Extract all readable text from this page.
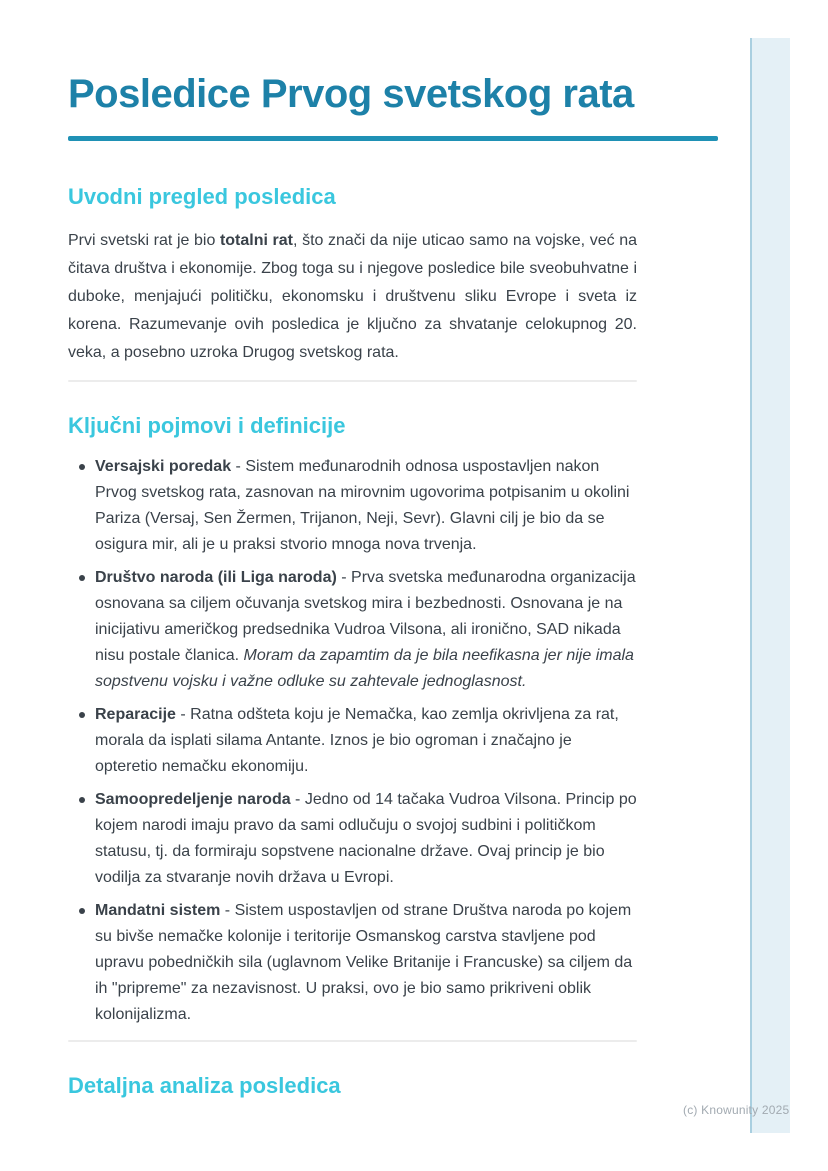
Posledice Prvog svetskog rata
Uvodni pregled posledica

Prvi svetski rat je bio totalni rat, što znači da nije uticao samo na vojske, već na čitava društva i ekonomije. Zbog toga su i njegove posledice bile sveobuhvatne i duboke, menjajući političku, ekonomsku i društvenu sliku Evrope i sveta iz korena. Razumevanje ovih posledica je ključno za shvatanje celokupnog 20. veka, a posebno uzroka Drugog svetskog rata.

Ključni pojmovi i definicije
Versajski poredak - Sistem međunarodnih odnosa uspostavljen nakon Prvog svetskog rata, zasnovan na mirovnim ugovorima potpisanim u okolini Pariza (Versaj, Sen Žermen, Trijanon, Neji, Sevr). Glavni cilj je bio da se osigura mir, ali je u praksi stvorio mnoga nova trvenja.
Društvo naroda (ili Liga naroda) - Prva svetska međunarodna organizacija osnovana sa ciljem očuvanja svetskog mira i bezbednosti. Osnovana je na inicijativu američkog predsednika Vudroa Vilsona, ali ironično, SAD nikada nisu postale članica. Moram da zapamtim da je bila neefikasna jer nije imala sopstvenu vojsku i važne odluke su zahtevale jednoglasnost.
Reparacije - Ratna odšteta koju je Nemačka, kao zemlja okrivljena za rat, morala da isplati silama Antante. Iznos je bio ogroman i značajno je opteretio nemačku ekonomiju.
Samoopredeljenje naroda - Jedno od 14 tačaka Vudroa Vilsona. Princip po kojem narodi imaju pravo da sami odlučuju o svojoj sudbini i političkom statusu, tj. da formiraju sopstvene nacionalne države. Ovaj princip je bio vodilja za stvaranje novih država u Evropi.
Mandatni sistem - Sistem uspostavljen od strane Društva naroda po kojem su bivše nemačke kolonije i teritorije Osmanskog carstva stavljene pod upravu pobedničkih sila (uglavnom Velike Britanije i Francuske) sa ciljem da ih "pripreme" za nezavisnost. U praksi, ovo je bio samo prikriveni oblik kolonijalizma.
Detaljna analiza posledica
(c) Knowunity 2025
